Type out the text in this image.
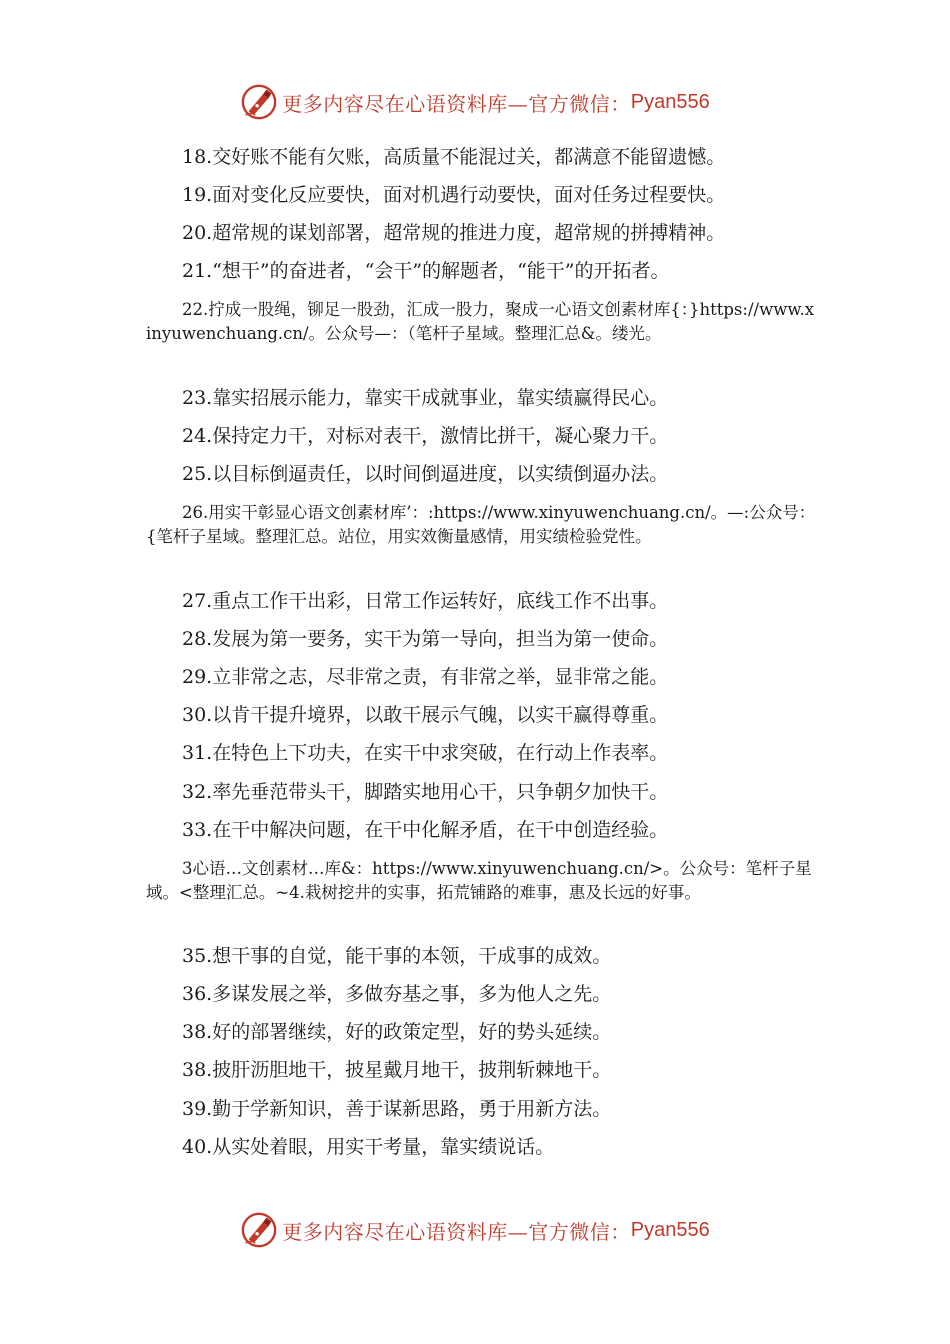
更多内容尽在心语资料库—官方微信： Pyan556
18.交好账不能有欠账，高质量不能混过关，都满意不能留遗憾。
19.面对变化反应要快，面对机遇行动要快，面对任务过程要快。
20.超常规的谋划部署，超常规的推进力度，超常规的拼搏精神。
21.“想干”的奋进者，“会干”的解题者，“能干”的开拓者。
22.拧成一股绳，铆足一股劲，汇成一股力，聚成一心语文创素材库{：}https://www.xinyuwenchuang.cn/。公众号—：（笔杆子星域。整理汇总&。缕光。
23.靠实招展示能力，靠实干成就事业，靠实绩赢得民心。
24.保持定力干，对标对表干，激情比拼干，凝心聚力干。
25.以目标倒逼责任，以时间倒逼进度，以实绩倒逼办法。
26.用实干彰显心语文创素材库’：:https://www.xinyuwenchuang.cn/。—:公众号：{笔杆子星域。整理汇总。站位，用实效衡量感情，用实绩检验党性。
27.重点工作干出彩，日常工作运转好，底线工作不出事。
28.发展为第一要务，实干为第一导向，担当为第一使命。
29.立非常之志，尽非常之责，有非常之举，显非常之能。
30.以肯干提升境界，以敢干展示气魄，以实干赢得尊重。
31.在特色上下功夫，在实干中求突破，在行动上作表率。
32.率先垂范带头干，脚踏实地用心干，只争朝夕加快干。
33.在干中解决问题，在干中化解矛盾，在干中创造经验。
3心语…文创素材…库&：https://www.xinyuwenchuang.cn/>。公众号：笔杆子星域。<整理汇总。~4.栽树挖井的实事，拓荒铺路的难事，惠及长远的好事。
35.想干事的自觉，能干事的本领，干成事的成效。
36.多谋发展之举，多做夯基之事，多为他人之先。
38.好的部署继续，好的政策定型，好的势头延续。
38.披肝沥胆地干，披星戴月地干，披荆斩棘地干。
39.勤于学新知识，善于谋新思路，勇于用新方法。
40.从实处着眼，用实干考量，靠实绩说话。
更多内容尽在心语资料库—官方微信： Pyan556
